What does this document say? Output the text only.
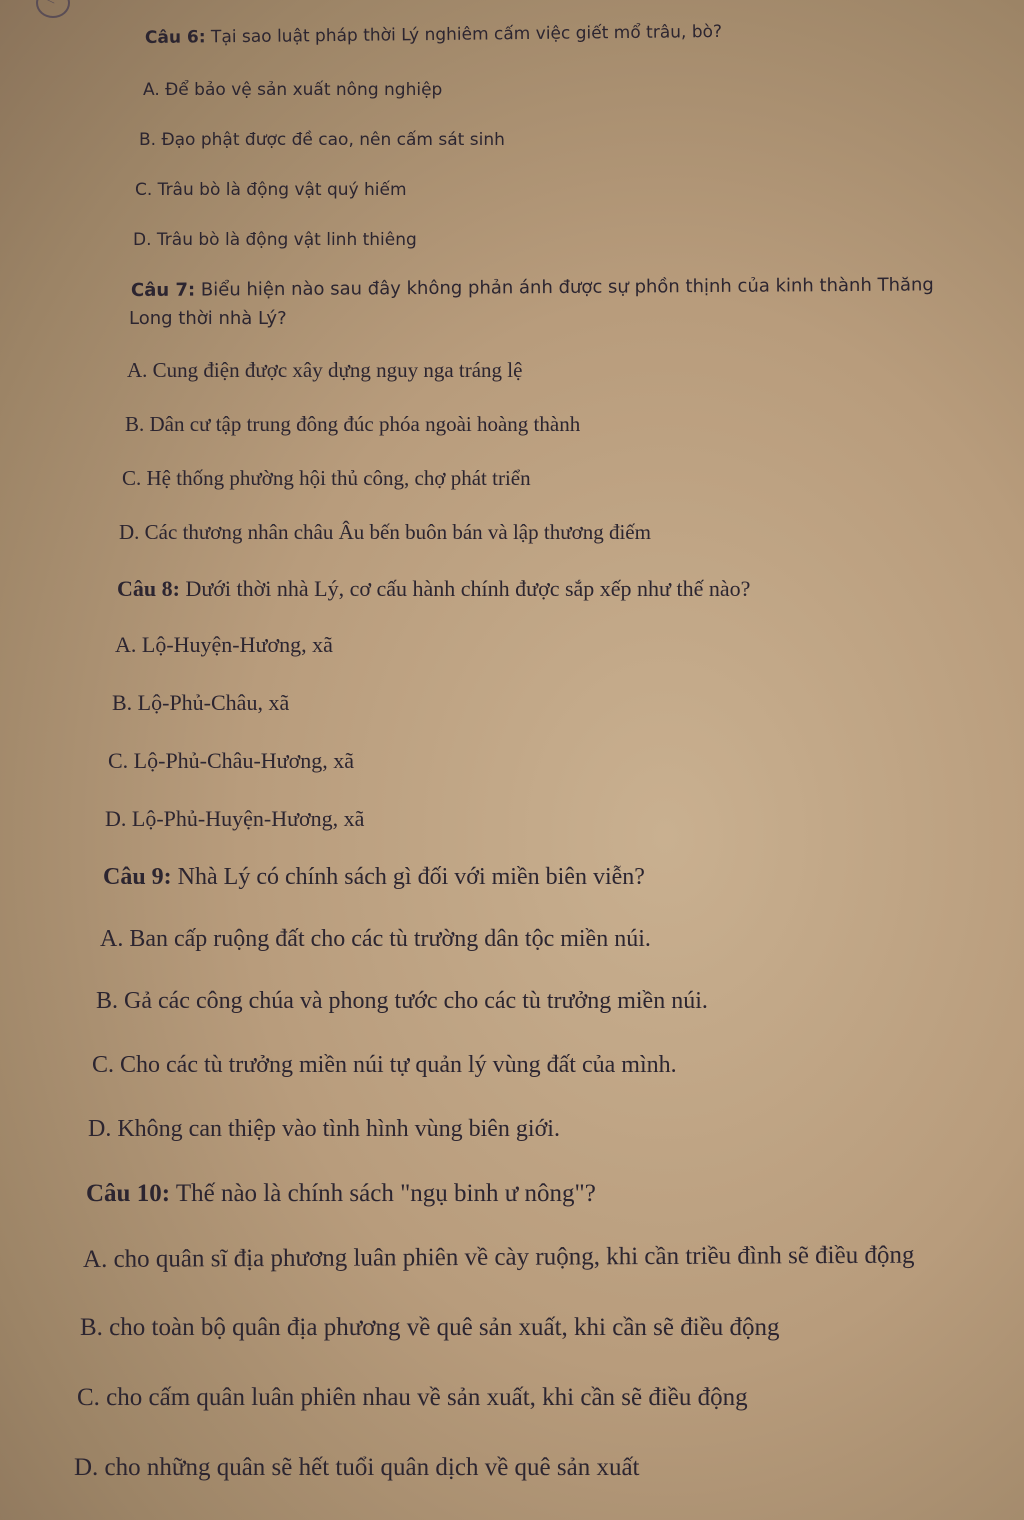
<
Câu 6: Tại sao luật pháp thời Lý nghiêm cấm việc giết mổ trâu, bò?
A. Để bảo vệ sản xuất nông nghiệp
B. Đạo phật được đề cao, nên cấm sát sinh
C. Trâu bò là động vật quý hiếm
D. Trâu bò là động vật linh thiêng
Câu 7: Biểu hiện nào sau đây không phản ánh được sự phồn thịnh của kinh thành Thăng
Long thời nhà Lý?
A. Cung điện được xây dựng nguy nga tráng lệ
B. Dân cư tập trung đông đúc phóa ngoài hoàng thành
C. Hệ thống phường hội thủ công, chợ phát triển
D. Các thương nhân châu Âu bến buôn bán và lập thương điếm
Câu 8: Dưới thời nhà Lý, cơ cấu hành chính được sắp xếp như thế nào?
A. Lộ-Huyện-Hương, xã
B. Lộ-Phủ-Châu, xã
C. Lộ-Phủ-Châu-Hương, xã
D. Lộ-Phủ-Huyện-Hương, xã
Câu 9: Nhà Lý có chính sách gì đối với miền biên viễn?
A. Ban cấp ruộng đất cho các tù trường dân tộc miền núi.
B. Gả các công chúa và phong tước cho các tù trưởng miền núi.
C. Cho các tù trưởng miền núi tự quản lý vùng đất của mình.
D. Không can thiệp vào tình hình vùng biên giới.
Câu 10: Thế nào là chính sách "ngụ binh ư nông"?
A. cho quân sĩ địa phương luân phiên về cày ruộng, khi cần triều đình sẽ điều động
B. cho toàn bộ quân địa phương về quê sản xuất, khi cần sẽ điều động
C. cho cấm quân luân phiên nhau về sản xuất, khi cần sẽ điều động
D. cho những quân sẽ hết tuổi quân dịch về quê sản xuất
